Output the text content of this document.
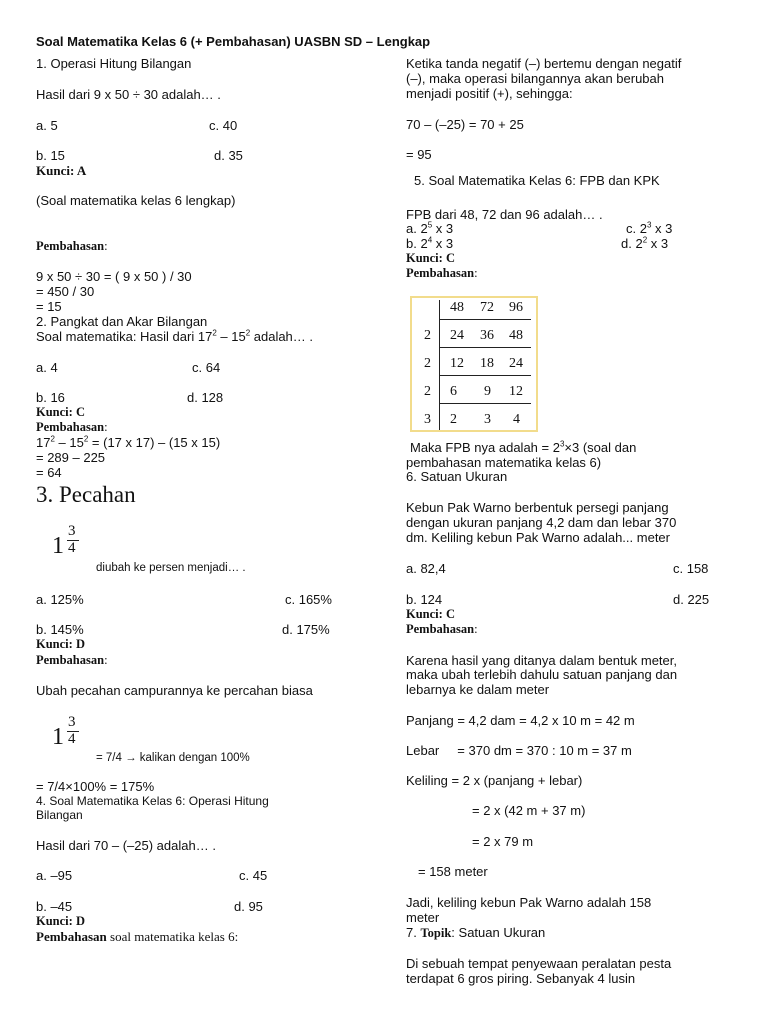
Soal Matematika Kelas 6 (+ Pembahasan) UASBN SD – Lengkap
1. Operasi Hitung Bilangan
Hasil dari 9 x 50 ÷ 30 adalah… .
a. 5	c. 40
b. 15	d. 35
Kunci: A
(Soal matematika kelas 6 lengkap)
Pembahasan:
9 x 50 ÷ 30 = ( 9 x 50 ) / 30
= 450 / 30
= 15
2. Pangkat dan Akar Bilangan
Soal matematika: Hasil dari $17^2 - 15^2$ adalah… .
a. 4	c. 64
b. 16	d. 128
Kunci: C
Pembahasan:
$17^2 - 15^2 = (17$ x 17) – (15 x 15)
= 289 – 225
= 64
3. Pecahan
1
3
4
diubah ke persen menjadi… .
a. 125%	c. 165%
b. 145%	d. 175%
Kunci: D
Pembahasan:
Ubah pecahan campurannya ke percahan biasa
1
3
4
= 7/4 → kalikan dengan 100%
= 7/4×100% = 175%
4. Soal Matematika Kelas 6: Operasi Hitung
Bilangan
Hasil dari 70 – (–25) adalah… .
a. –95	c. 45
b. –45	d. 95
Kunci: D
Pembahasan soal matematika kelas 6:
Ketika tanda negatif (–) bertemu dengan negatif
(–), maka operasi bilangannya akan berubah
menjadi positif (+), sehingga:
70 – (–25) = 70 + 25
= 95
5. Soal Matematika Kelas 6: FPB dan KPK
FPB dari 48, 72 dan 96 adalah… .
a. $2^5$ x 3	c. $2^3$ x 3
b. $2^4$ x 3	d. $2^2$ x 3
Kunci: C
Pembahasan:
48 72 96
2 24 36 48
2 12 18 24
2 6 9 12
3 2 3 4
Maka FPB nya adalah = $2^3\times 3$ (soal dan
pembahasan matematika kelas 6)
6. Satuan Ukuran
Kebun Pak Warno berbentuk persegi panjang
dengan ukuran panjang 4,2 dam dan lebar 370
dm. Keliling kebun Pak Warno adalah... meter
a. 82,4	c. 158
b. 124	d. 225
Kunci: C
Pembahasan:
Karena hasil yang ditanya dalam bentuk meter,
maka ubah terlebih dahulu satuan panjang dan
lebarnya ke dalam meter
Panjang = 4,2 dam = 4,2 x 10 m = 42 m
Lebar     = 370 dm = 370 : 10 m = 37 m
Keliling = 2 x (panjang + lebar)
= 2 x (42 m + 37 m)
= 2 x 79 m
= 158 meter
Jadi, keliling kebun Pak Warno adalah 158
meter
7. Topik: Satuan Ukuran
Di sebuah tempat penyewaan peralatan pesta
terdapat 6 gros piring. Sebanyak 4 lusin
